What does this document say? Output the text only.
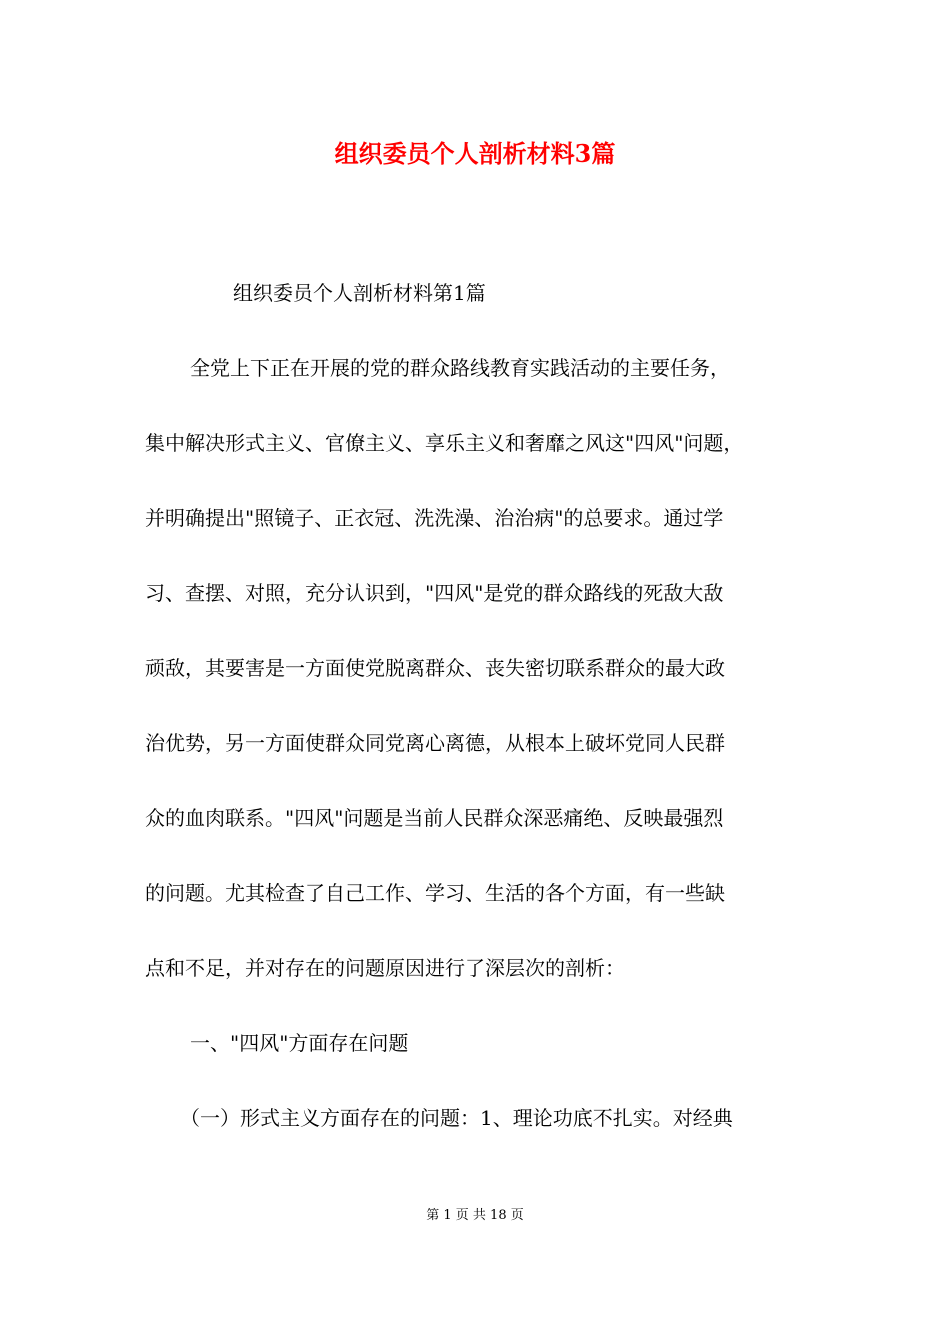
组织委员个人剖析材料3篇
组织委员个人剖析材料第1篇
全党上下正在开展的党的群众路线教育实践活动的主要任务，
集中解决形式主义、官僚主义、享乐主义和奢靡之风这"四风"问题，
并明确提出"照镜子、正衣冠、洗洗澡、治治病"的总要求。通过学
习、查摆、对照，充分认识到，"四风"是党的群众路线的死敌大敌
顽敌，其要害是一方面使党脱离群众、丧失密切联系群众的最大政
治优势，另一方面使群众同党离心离德，从根本上破坏党同人民群
众的血肉联系。"四风"问题是当前人民群众深恶痛绝、反映最强烈
的问题。尤其检查了自己工作、学习、生活的各个方面，有一些缺
点和不足，并对存在的问题原因进行了深层次的剖析：
一、"四风"方面存在问题
（一）形式主义方面存在的问题：1、理论功底不扎实。对经典
第 1 页 共 18 页
